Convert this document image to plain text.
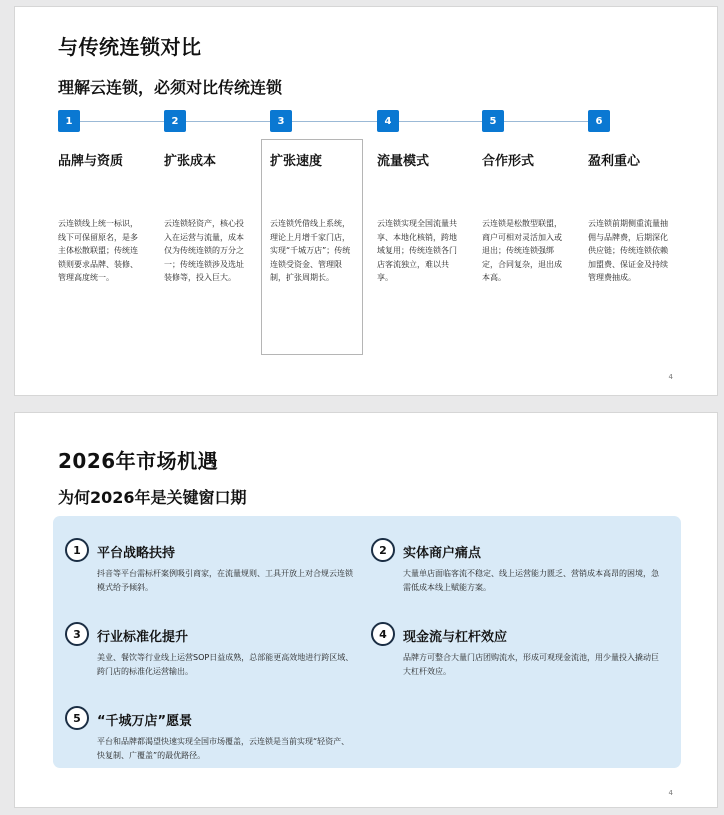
与传统连锁对比
理解云连锁，必须对比传统连锁
1
品牌与资质
云连锁线上统一标识，线下可保留原名，是多主体松散联盟；传统连锁则要求品牌、装修、管理高度统一。
2
扩张成本
云连锁轻资产，核心投入在运营与流量，成本仅为传统连锁的万分之一；传统连锁涉及选址装修等，投入巨大。
3
扩张速度
云连锁凭借线上系统，理论上月增千家门店，实现“千城万店”；传统连锁受资金、管理限制，扩张周期长。
4
流量模式
云连锁实现全国流量共享、本地化核销，跨地域复用；传统连锁各门店客流独立，难以共享。
5
合作形式
云连锁是松散型联盟，商户可相对灵活加入或退出；传统连锁强绑定，合同复杂，退出成本高。
6
盈利重心
云连锁前期侧重流量抽佣与品牌费，后期深化供应链；传统连锁依赖加盟费、保证金及持续管理费抽成。
4
2026年市场机遇
为何2026年是关键窗口期
1	平台战略扶持
抖音等平台需标杆案例吸引商家，在流量规则、工具开放上对合规云连锁模式给予倾斜。
2	实体商户痛点
大量单店面临客流不稳定、线上运营能力匮乏、营销成本高昂的困境，急需低成本线上赋能方案。
3	行业标准化提升
美业、餐饮等行业线上运营SOP日益成熟，总部能更高效地进行跨区域、跨门店的标准化运营输出。
4	现金流与杠杆效应
品牌方可整合大量门店团购流水，形成可观现金流池，用少量投入撬动巨大杠杆效应。
5	“千城万店”愿景
平台和品牌都渴望快速实现全国市场覆盖，云连锁是当前实现“轻资产、快复制、广覆盖”的最优路径。
4
